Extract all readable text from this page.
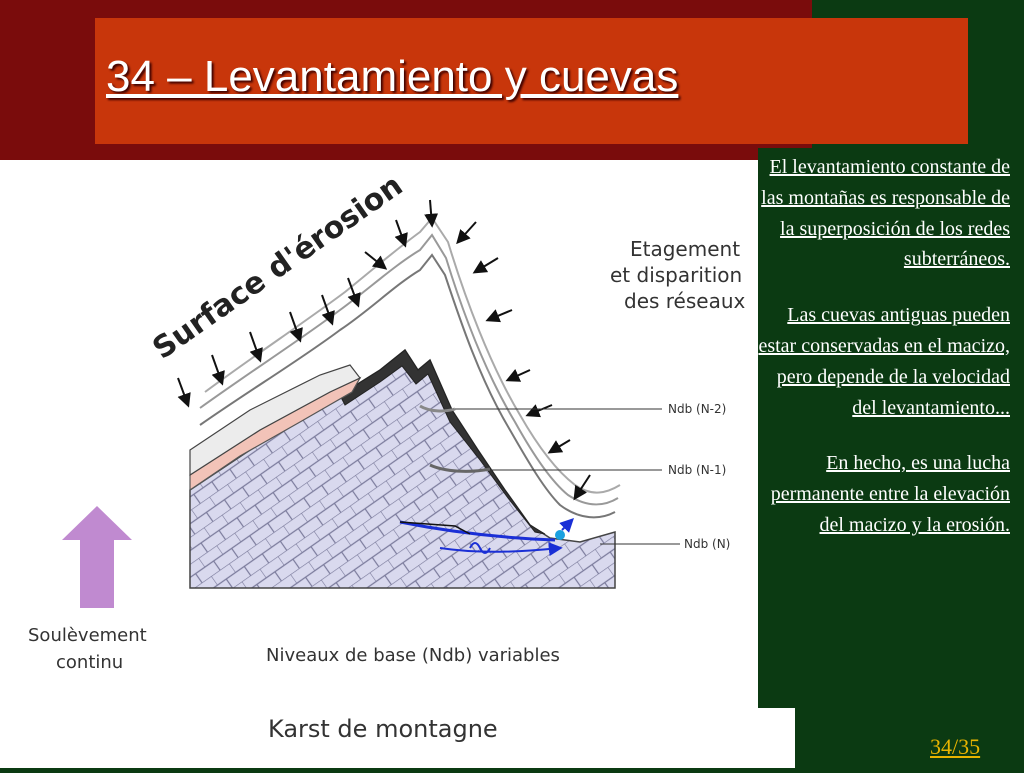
34 – Levantamiento y cuevas
Surface d'érosion	Etagement
et disparition
des réseaux
Ndb (N-2)
Ndb (N-1)
Ndb (N)
Soulèvement
continu	Niveaux de base (Ndb) variables
Karst de montagne

El levantamiento constante de las montañas es responsable de la superposición de los redes subterráneos.

Las cuevas antiguas pueden estar conservadas en el macizo, pero depende de la velocidad del levantamiento...

En hecho, es una lucha permanente entre la elevación del macizo y la erosión.

34/35
